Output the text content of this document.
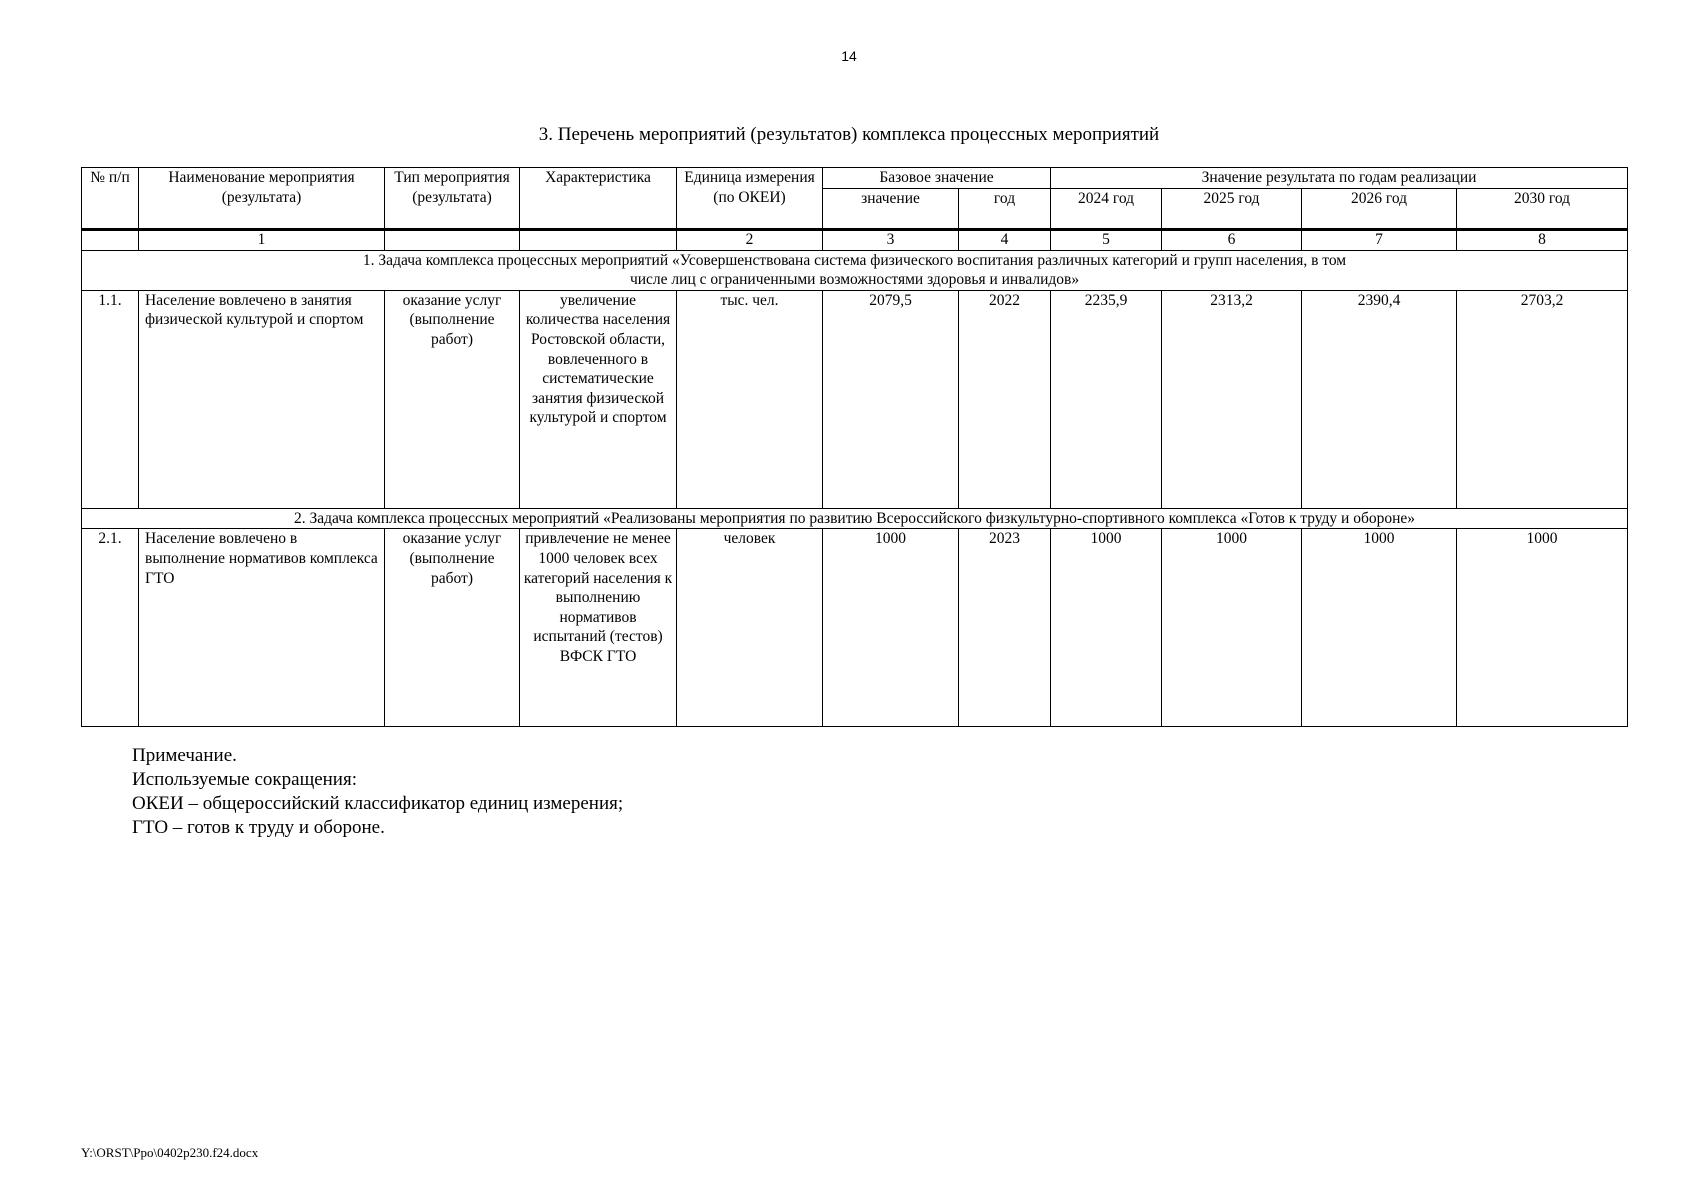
14
3. Перечень мероприятий (результатов) комплекса процессных мероприятий
№ п/п	Наименование мероприятия (результата)	Тип мероприятия (результата)	Характеристика	Единица измерения (по ОКЕИ)	Базовое значение		Значение результата по годам реализации			
					значение	год	2024 год	2025 год	2026 год	2030 год
	1			2	3	4	5	6	7	8

1. Задача комплекса процессных мероприятий «Усовершенствована система физического воспитания различных категорий и групп населения, в том числе лиц с ограниченными возможностями здоровья и инвалидов»										

1.1.	Население вовлечено в занятия физической культурой и спортом	оказание услуг (выполнение работ)	увеличение количества населения Ростовской области, вовлеченного в систематические занятия физической культурой и спортом	тыс. чел.	2079,5	2022	2235,9	2313,2	2390,4	2703,2
2. Задача комплекса процессных мероприятий «Реализованы мероприятия по развитию Всероссийского физкультурно-спортивного комплекса «Готов к труду и обороне»										
2.1.	Население вовлечено в выполнение нормативов комплекса ГТО	оказание услуг (выполнение работ)	привлечение не менее 1000 человек всех категорий населения к выполнению нормативов испытаний (тестов) ВФСК ГТО	человек	1000	2023	1000	1000	1000	1000
Примечание.
Используемые сокращения:
ОКЕИ – общероссийский классификатор единиц измерения;
ГТО – готов к труду и обороне.
Y:\ORST\Ppo\0402p230.f24.docx
